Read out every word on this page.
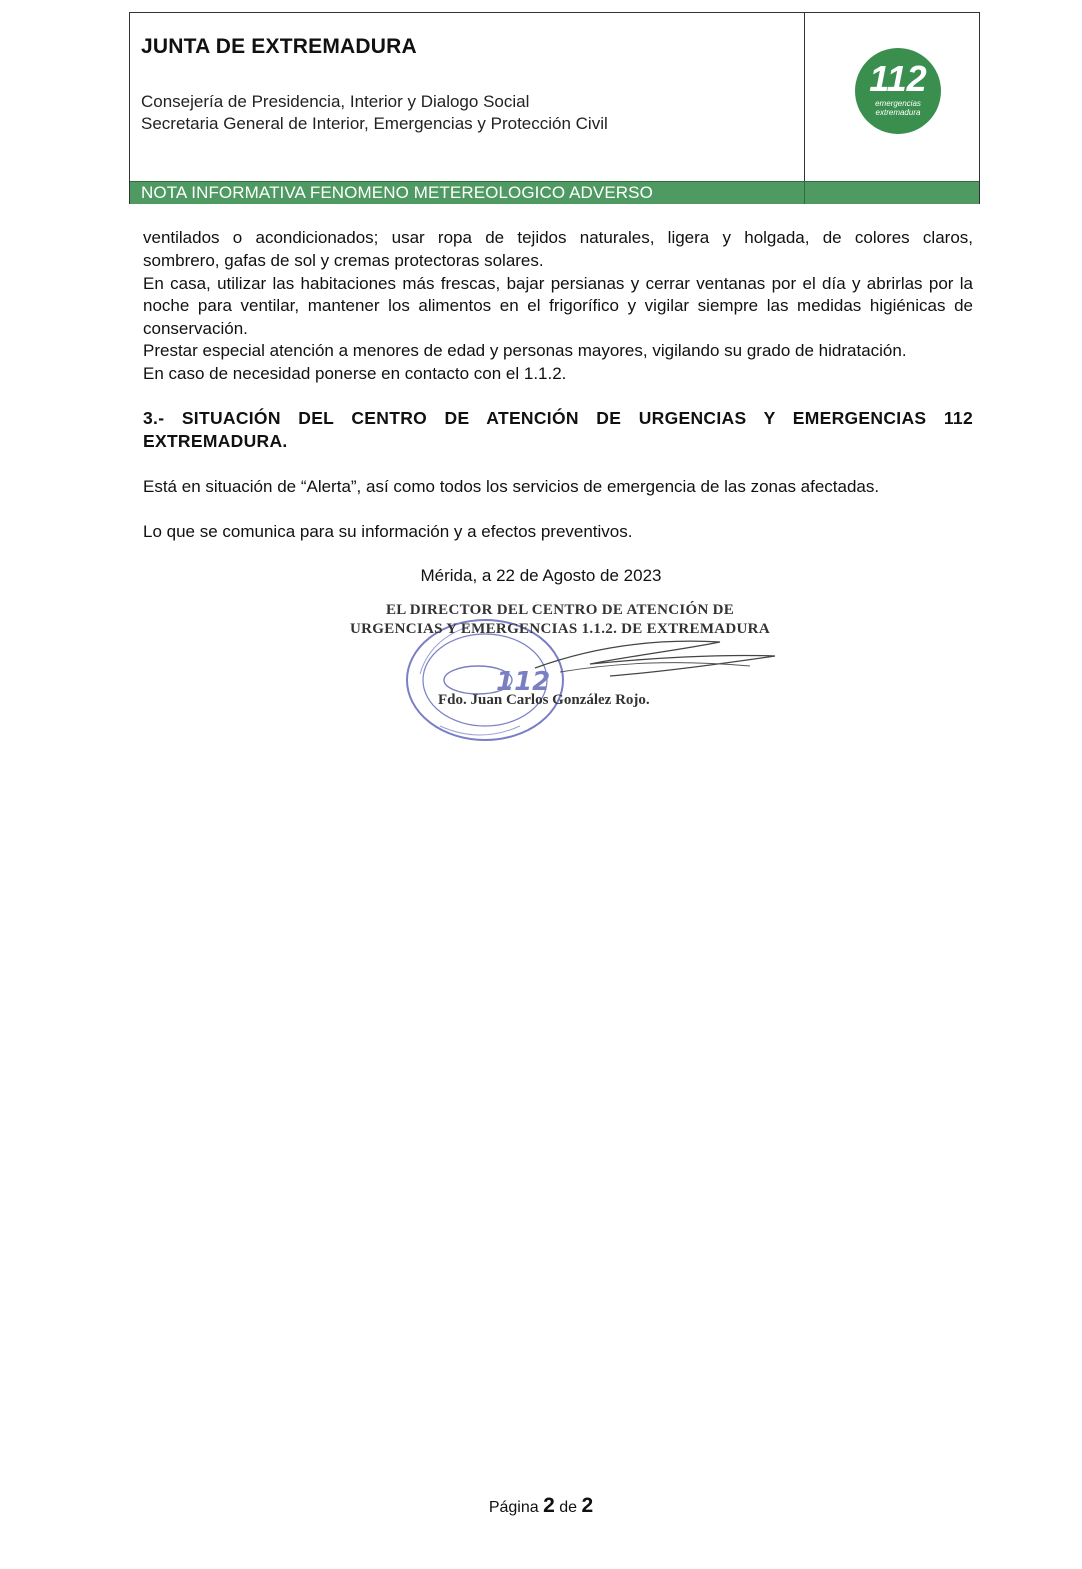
JUNTA DE EXTREMADURA
Consejería de Presidencia, Interior y Dialogo Social
Secretaria General de Interior, Emergencias y Protección Civil
112
emergencias
extremadura
NOTA INFORMATIVA FENOMENO METEREOLOGICO ADVERSO
ventilados o acondicionados; usar ropa de tejidos naturales, ligera y holgada, de colores claros,
sombrero, gafas de sol y cremas protectoras solares.
En casa, utilizar las habitaciones más frescas, bajar persianas y cerrar ventanas por el día y abrirlas por la
noche para ventilar, mantener los alimentos en el frigorífico y vigilar siempre las medidas higiénicas de
conservación.
Prestar especial atención a menores de edad y personas mayores, vigilando su grado de hidratación.
En caso de necesidad ponerse en contacto con el 1.1.2.
3.- SITUACIÓN DEL CENTRO DE ATENCIÓN DE URGENCIAS Y EMERGENCIAS 112
EXTREMADURA.
Está en situación de “Alerta”, así como todos los servicios de emergencia de las zonas afectadas.
Lo que se comunica para su información y a efectos preventivos.
Mérida, a 22 de Agosto de 2023
112
EL DIRECTOR DEL CENTRO DE ATENCIÓN DE
URGENCIAS Y EMERGENCIAS 1.1.2. DE EXTREMADURA
Fdo. Juan Carlos González Rojo.
Página 2 de 2
